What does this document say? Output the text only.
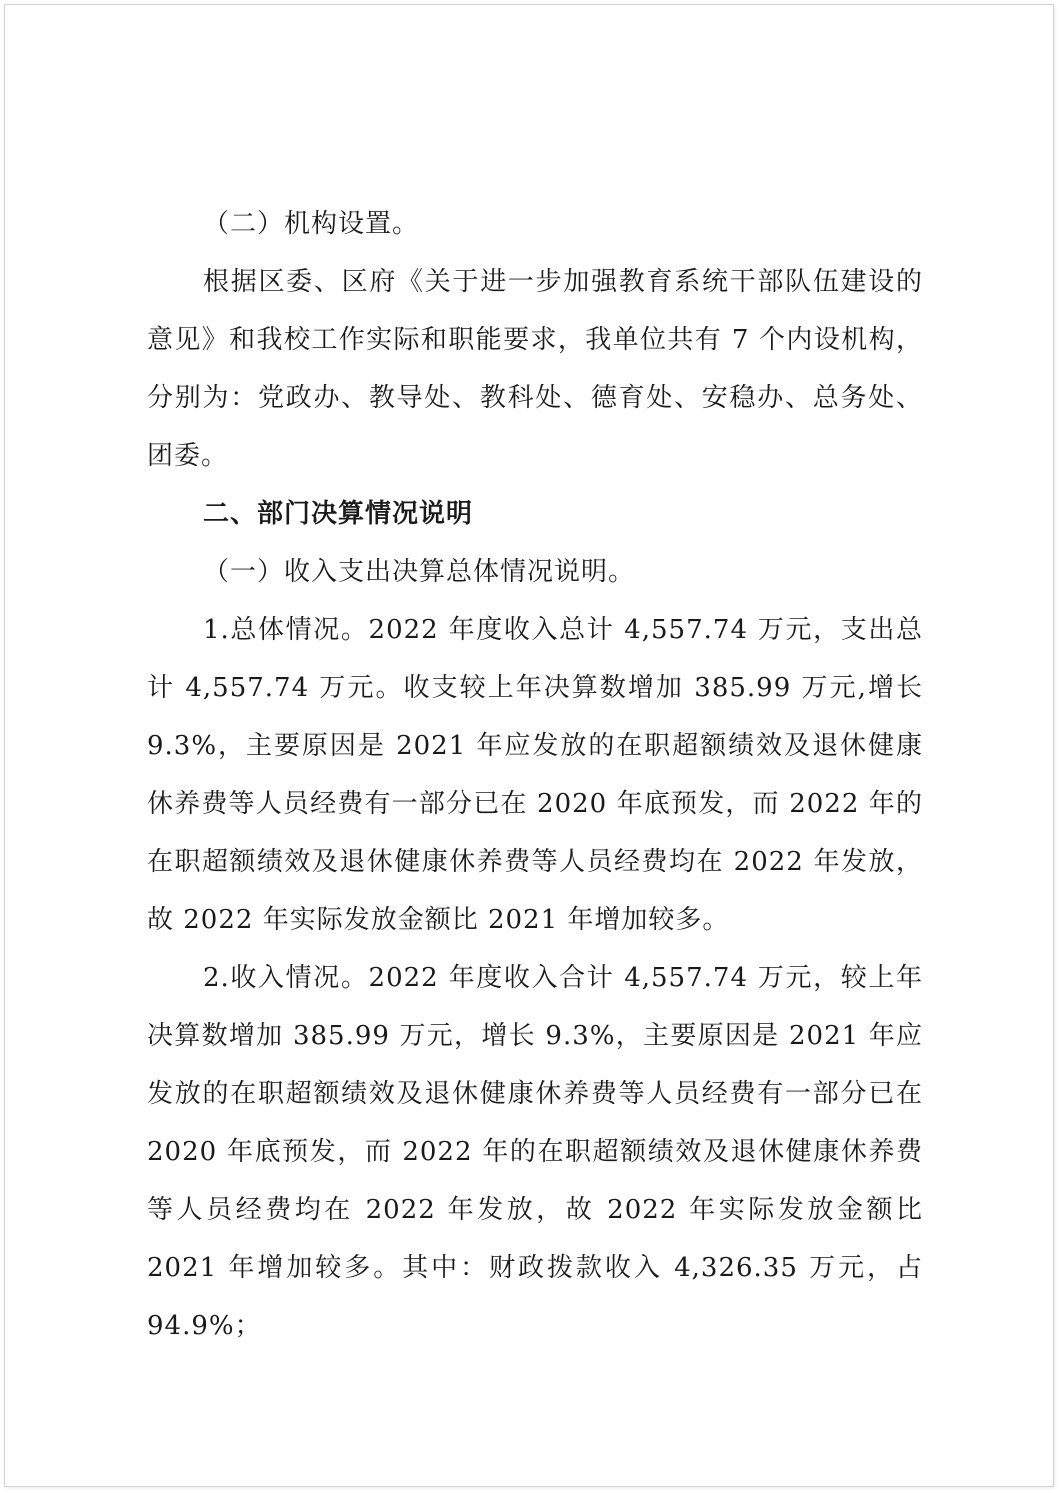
（二）机构设置。

根据区委、区府《关于进一步加强教育系统干部队伍建设的意见》和我校工作实际和职能要求，我单位共有 7 个内设机构，分别为：党政办、教导处、教科处、德育处、安稳办、总务处、团委。

二、部门决算情况说明

（一）收入支出决算总体情况说明。

1.总体情况。2022 年度收入总计 4,557.74 万元，支出总计 4,557.74 万元。收支较上年决算数增加 385.99 万元,增长 9.3%，主要原因是 2021 年应发放的在职超额绩效及退休健康休养费等人员经费有一部分已在 2020 年底预发，而 2022 年的在职超额绩效及退休健康休养费等人员经费均在 2022 年发放，故 2022 年实际发放金额比 2021 年增加较多。

2.收入情况。2022 年度收入合计 4,557.74 万元，较上年决算数增加 385.99 万元，增长 9.3%，主要原因是 2021 年应发放的在职超额绩效及退休健康休养费等人员经费有一部分已在 2020 年底预发，而 2022 年的在职超额绩效及退休健康休养费等人员经费均在 2022 年发放，故 2022 年实际发放金额比 2021 年增加较多。其中：财政拨款收入 4,326.35 万元，占 94.9%；
